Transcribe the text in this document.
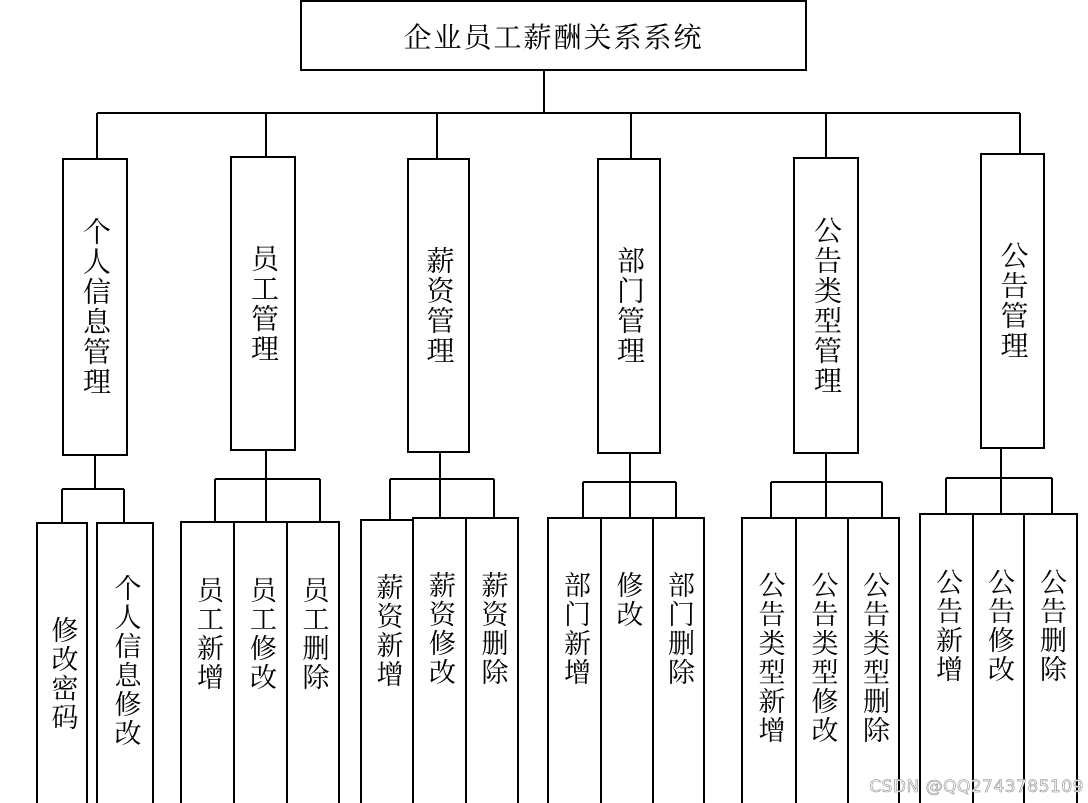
企业员工薪酬关系系统
个人信息管理	员工管理	薪资管理	部门管理	公告类型管理	公告管理
修改密码 个人信息修改 员工新增 员工修改 员工删除 薪资新增 薪资修改 薪资删除 部门新增 修改 部门删除 公告类型新增 公告类型修改 公告类型删除 公告新增 公告修改 公告删除
CSDN @QQ2743785109
